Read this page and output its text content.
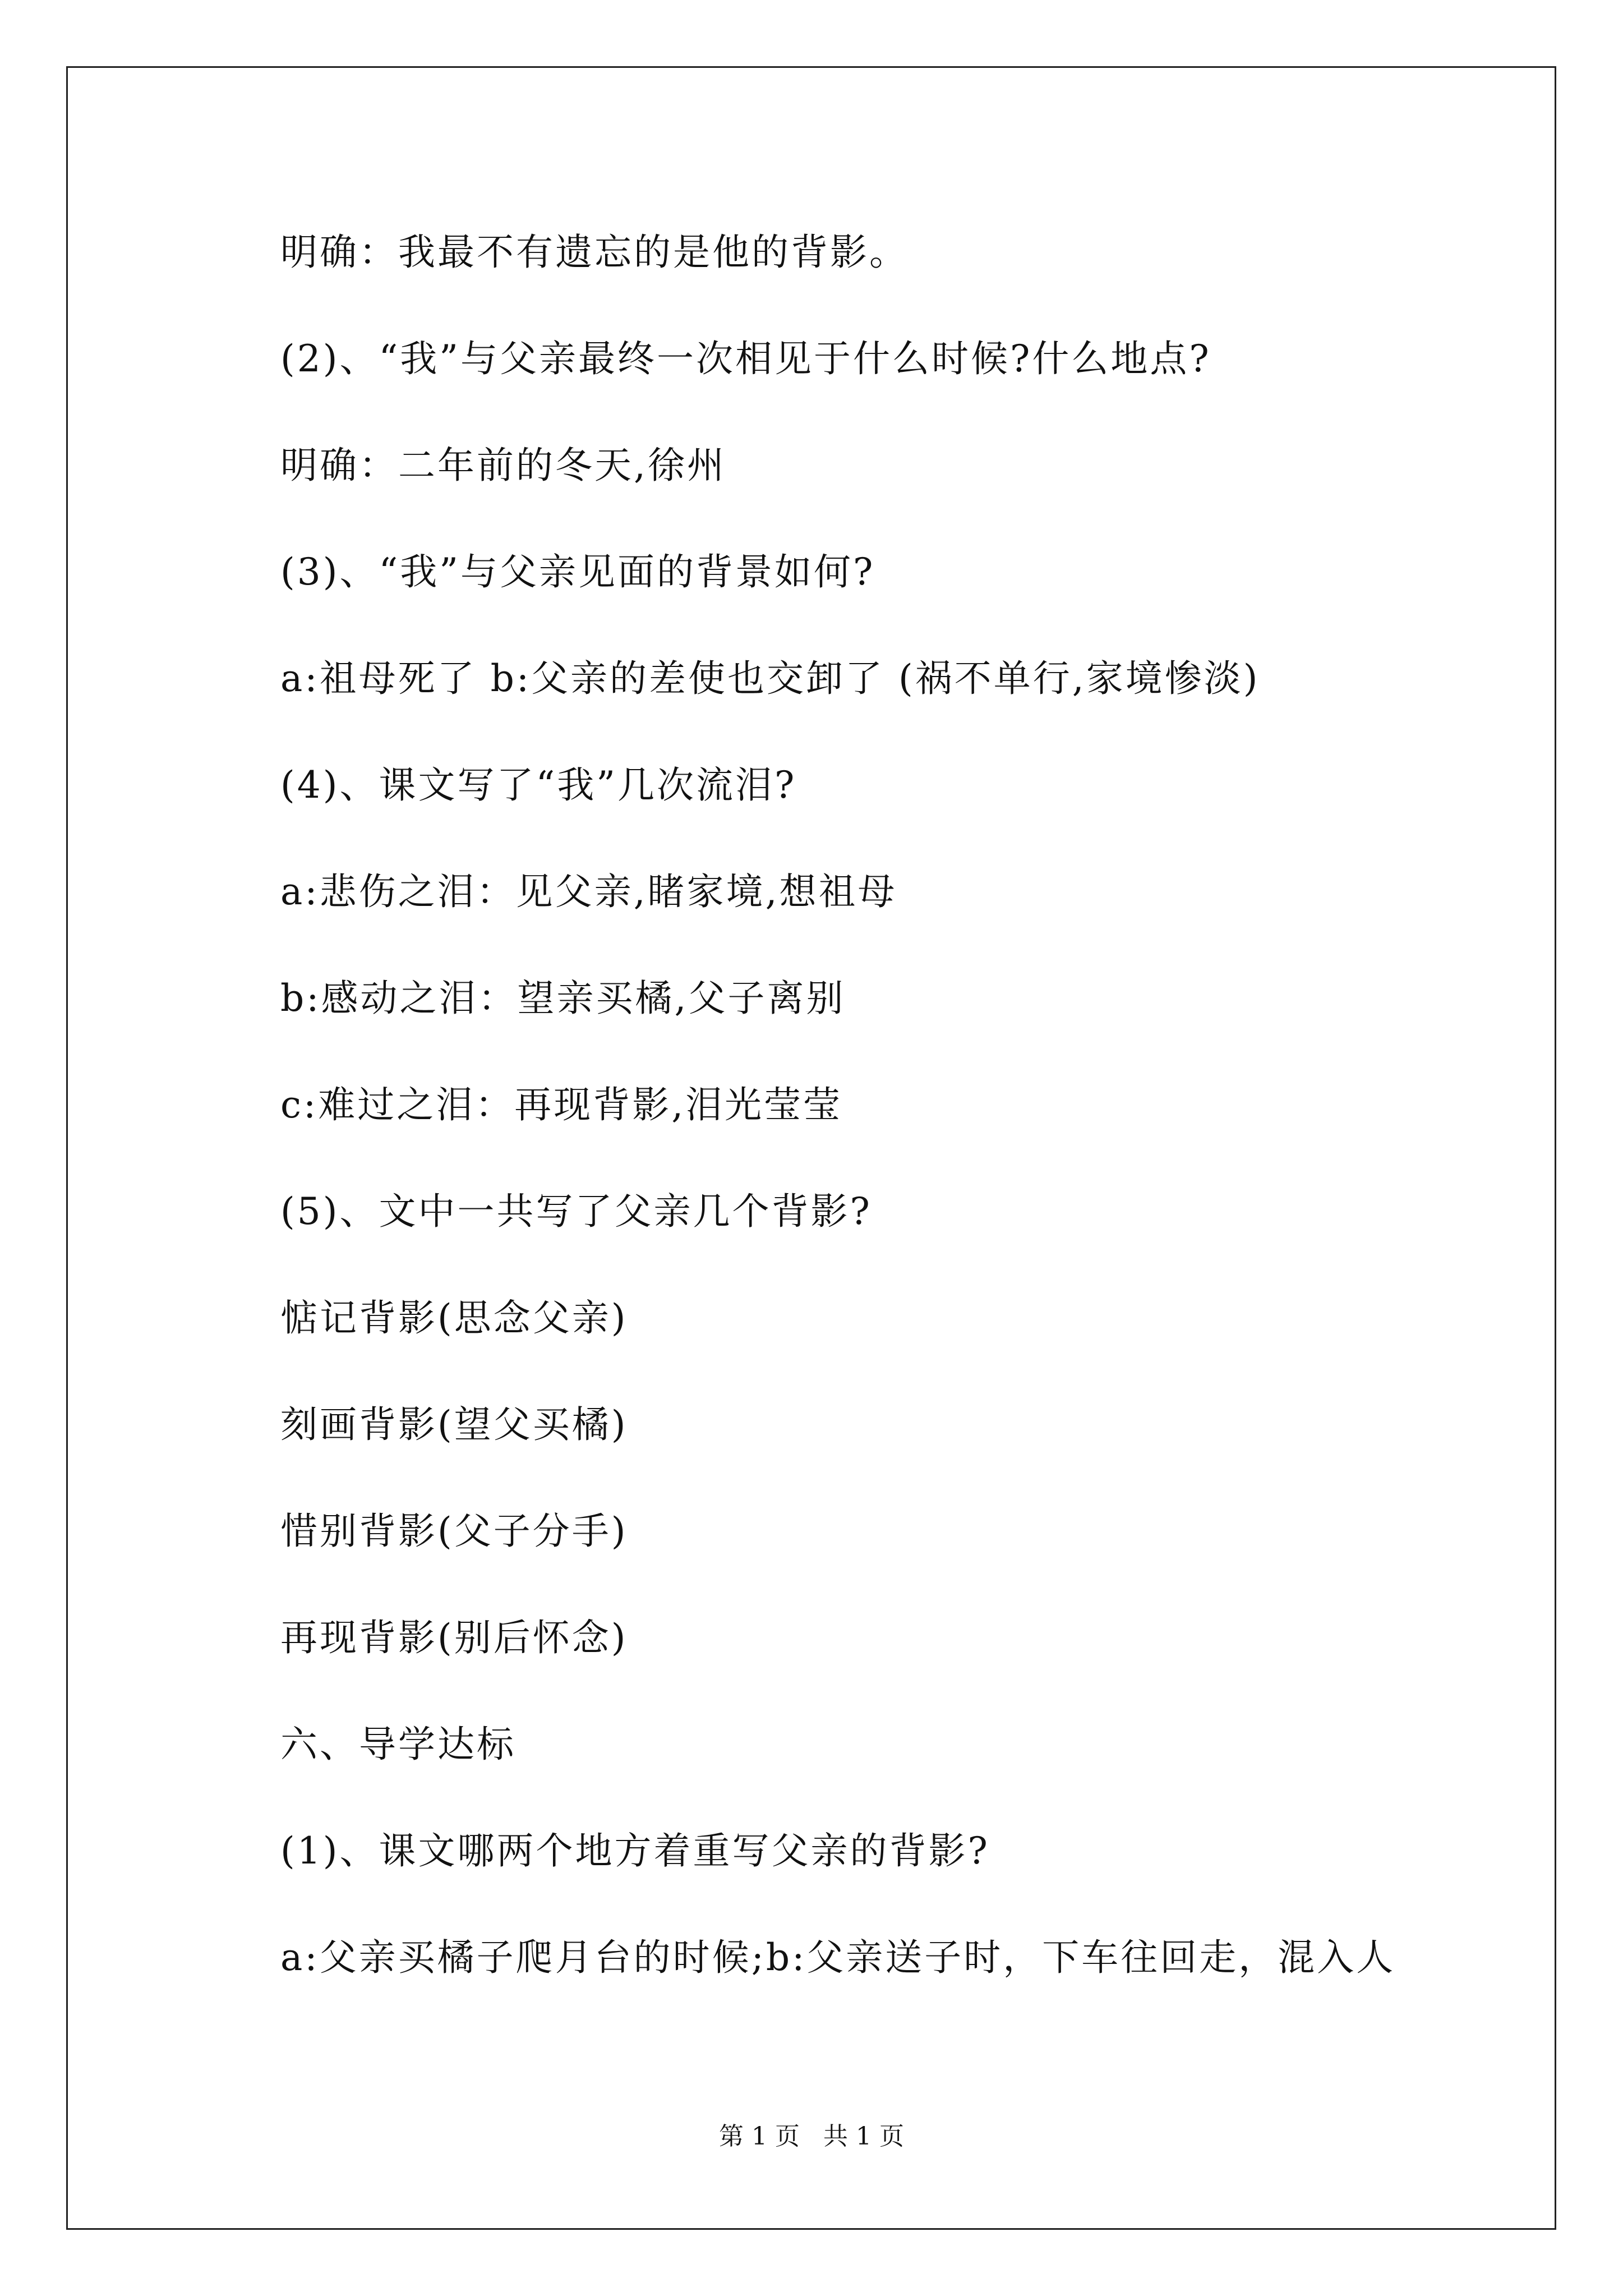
明确：我最不有遗忘的是他的背影。
(2)、“我”与父亲最终一次相见于什么时候?什么地点?
明确：二年前的冬天,徐州
(3)、“我”与父亲见面的背景如何?
a:祖母死了 b:父亲的差使也交卸了 (祸不单行,家境惨淡)
(4)、课文写了“我”几次流泪?
a:悲伤之泪：见父亲,睹家境,想祖母
b:感动之泪：望亲买橘,父子离别
c:难过之泪：再现背影,泪光莹莹
(5)、文中一共写了父亲几个背影?
惦记背影(思念父亲)
刻画背影(望父买橘)
惜别背影(父子分手)
再现背影(别后怀念)
六、导学达标
(1)、课文哪两个地方着重写父亲的背影?
a:父亲买橘子爬月台的时候;b:父亲送子时，下车往回走，混入人
第 1 页   共 1 页
